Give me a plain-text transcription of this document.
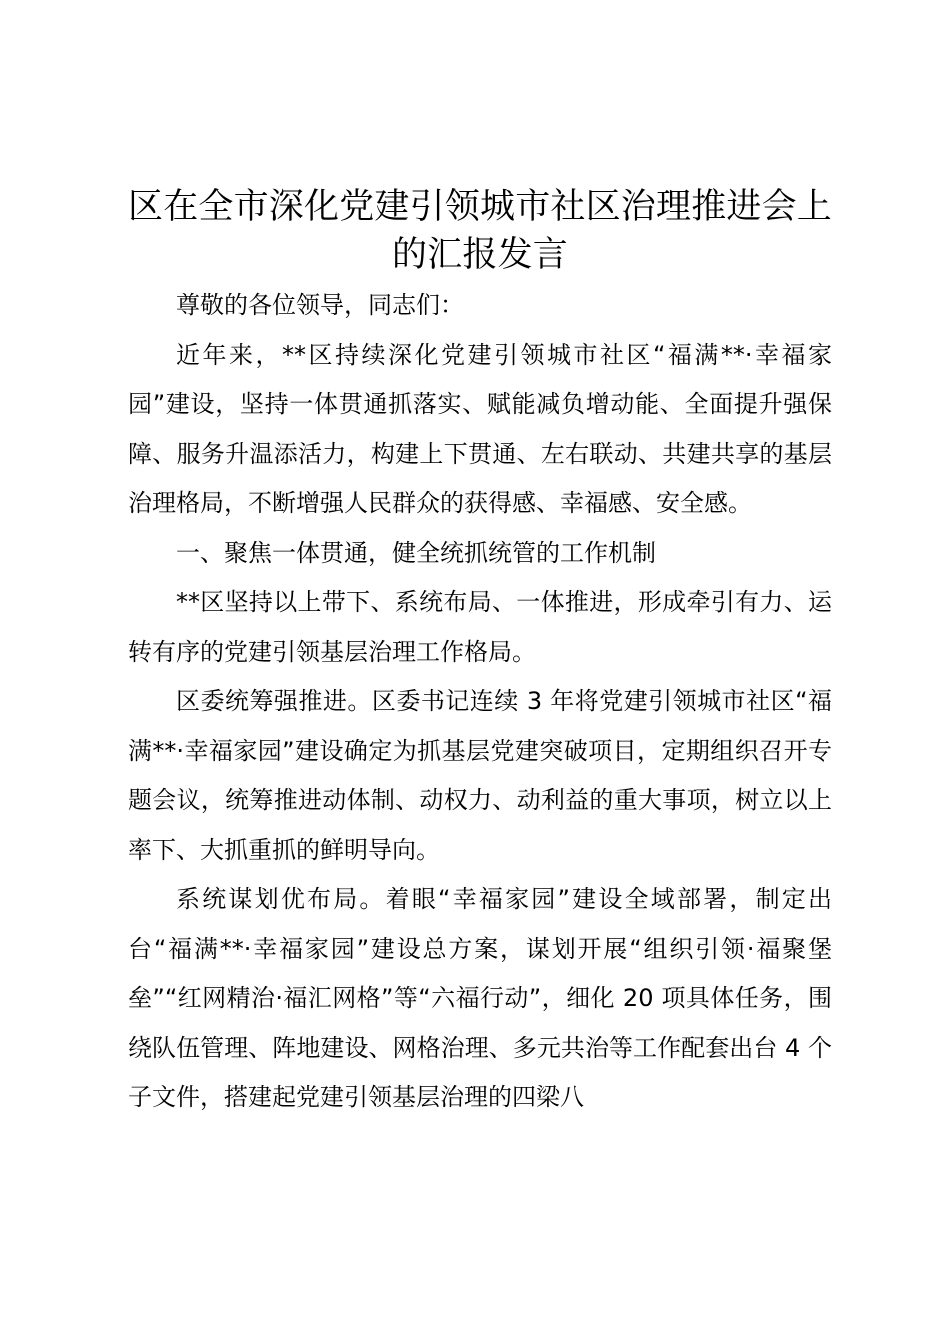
区在全市深化党建引领城市社区治理推进会上
的汇报发言

尊敬的各位领导，同志们：

近年来，**区持续深化党建引领城市社区“福满**·幸福家园”建设，坚持一体贯通抓落实、赋能减负增动能、全面提升强保障、服务升温添活力，构建上下贯通、左右联动、共建共享的基层治理格局，不断增强人民群众的获得感、幸福感、安全感。

一、聚焦一体贯通，健全统抓统管的工作机制

**区坚持以上带下、系统布局、一体推进，形成牵引有力、运转有序的党建引领基层治理工作格局。

区委统筹强推进。区委书记连续 3 年将党建引领城市社区“福满**·幸福家园”建设确定为抓基层党建突破项目，定期组织召开专题会议，统筹推进动体制、动权力、动利益的重大事项，树立以上率下、大抓重抓的鲜明导向。

系统谋划优布局。着眼“幸福家园”建设全域部署，制定出台“福满**·幸福家园”建设总方案，谋划开展“组织引领·福聚堡垒”“红网精治·福汇网格”等“六福行动”，细化 20 项具体任务，围绕队伍管理、阵地建设、网格治理、多元共治等工作配套出台 4 个子文件，搭建起党建引领基层治理的四梁八
